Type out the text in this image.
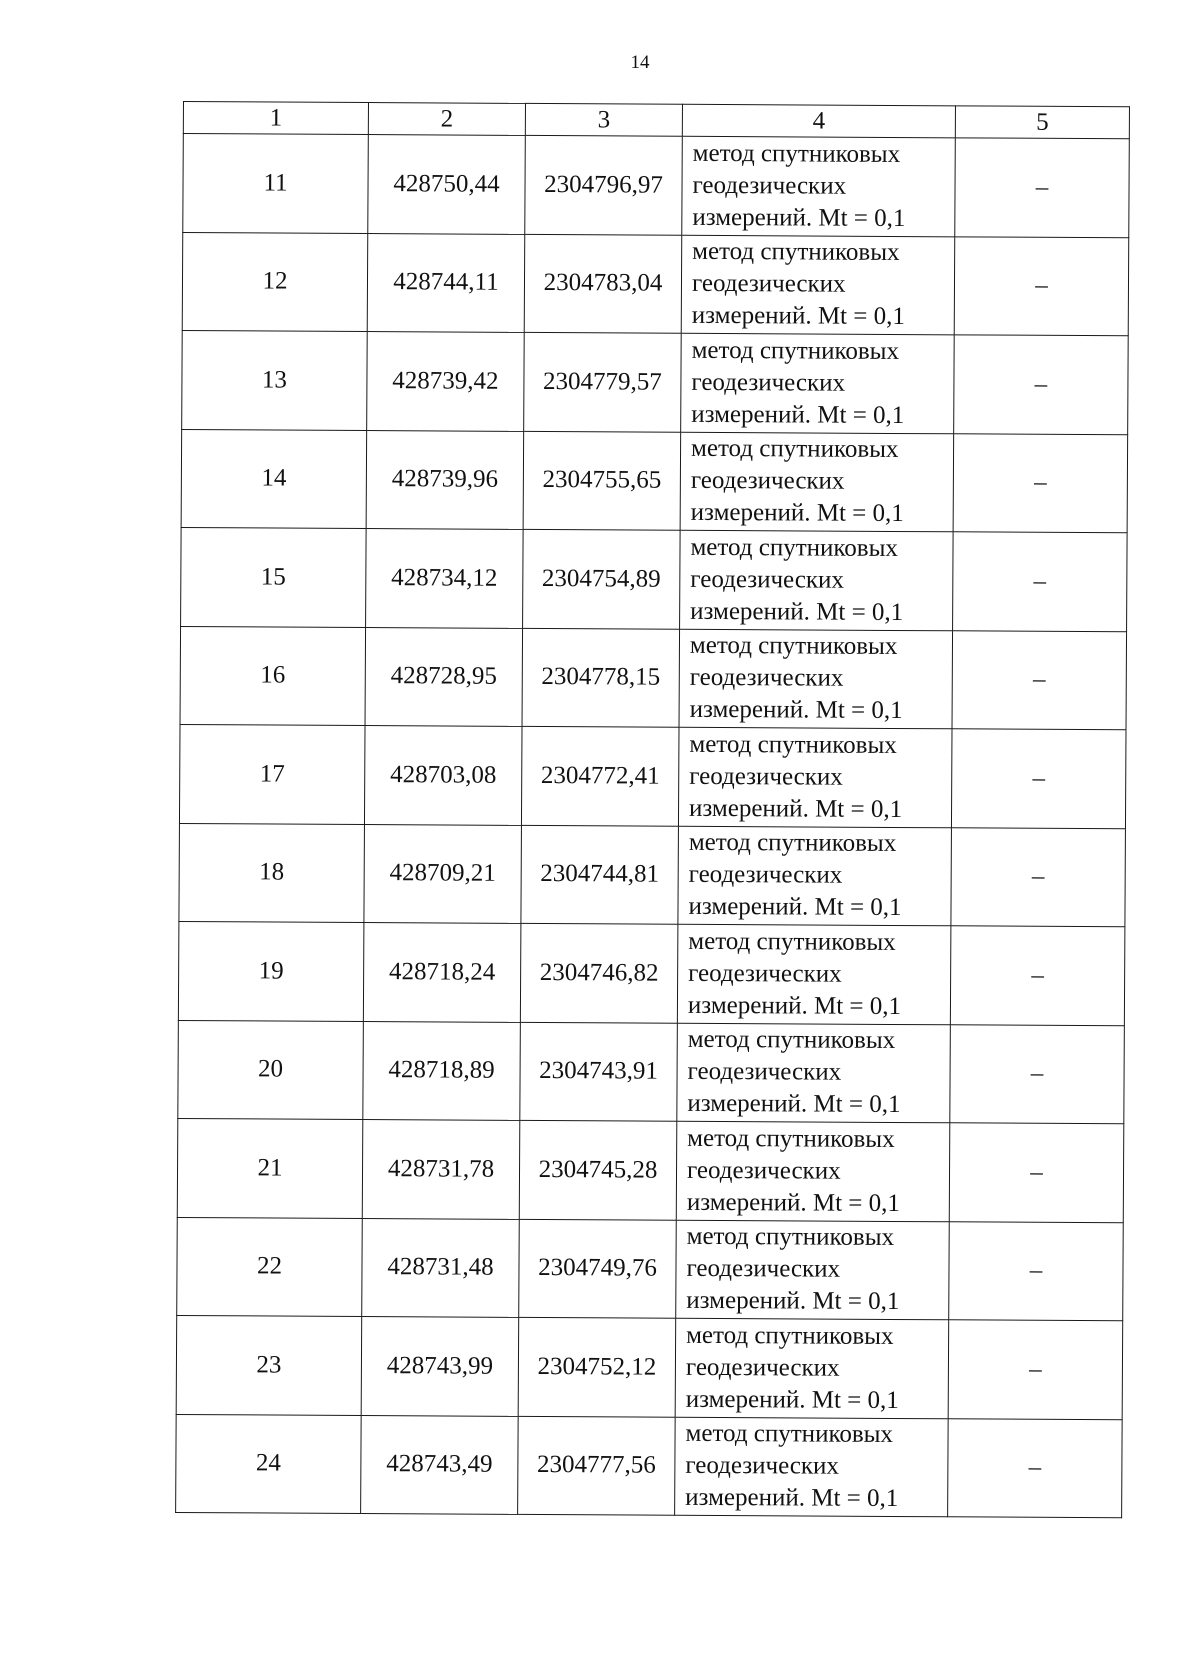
14
1	2	3	4	5
11	428750,44	2304796,97	метод спутниковых
геодезических
измерений. Mt = 0,1	–
12	428744,11	2304783,04	метод спутниковых
геодезических
измерений. Mt = 0,1	–
13	428739,42	2304779,57	метод спутниковых
геодезических
измерений. Mt = 0,1	–
14	428739,96	2304755,65	метод спутниковых
геодезических
измерений. Mt = 0,1	–
15	428734,12	2304754,89	метод спутниковых
геодезических
измерений. Mt = 0,1	–
16	428728,95	2304778,15	метод спутниковых
геодезических
измерений. Mt = 0,1	–
17	428703,08	2304772,41	метод спутниковых
геодезических
измерений. Mt = 0,1	–
18	428709,21	2304744,81	метод спутниковых
геодезических
измерений. Mt = 0,1	–
19	428718,24	2304746,82	метод спутниковых
геодезических
измерений. Mt = 0,1	–
20	428718,89	2304743,91	метод спутниковых
геодезических
измерений. Mt = 0,1	–
21	428731,78	2304745,28	метод спутниковых
геодезических
измерений. Mt = 0,1	–
22	428731,48	2304749,76	метод спутниковых
геодезических
измерений. Mt = 0,1	–
23	428743,99	2304752,12	метод спутниковых
геодезических
измерений. Mt = 0,1	–
24	428743,49	2304777,56	метод спутниковых
геодезических
измерений. Mt = 0,1	–
